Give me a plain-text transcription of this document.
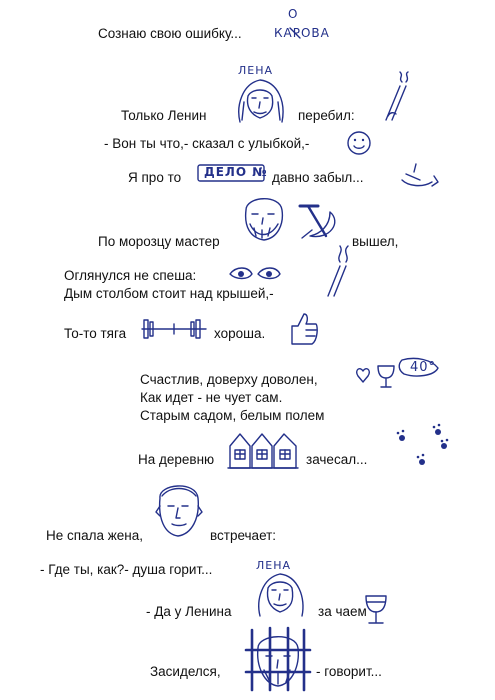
Сознаю свою ошибку...
О
КАРОВА
Только Ленин
ЛЕНА
перебил:
- Вон ты что,- сказал с улыбкой,-
Я про то ДЕЛО № давно забыл...
По морозцу мастер	вышел,
Оглянулся не спеша:
Дым столбом стоит над крышей,-
То-то тяга	хороша.
Счастлив, доверху доволен,
40°
Как идет - не чует сам.
Старым садом, белым полем
На деревню	зачесал...
Не спала жена,	встречает:
- Где ты, как?- душа горит...	ЛЕНА
- Да у Ленина	за чаем
Засиделся,	- говорит...
